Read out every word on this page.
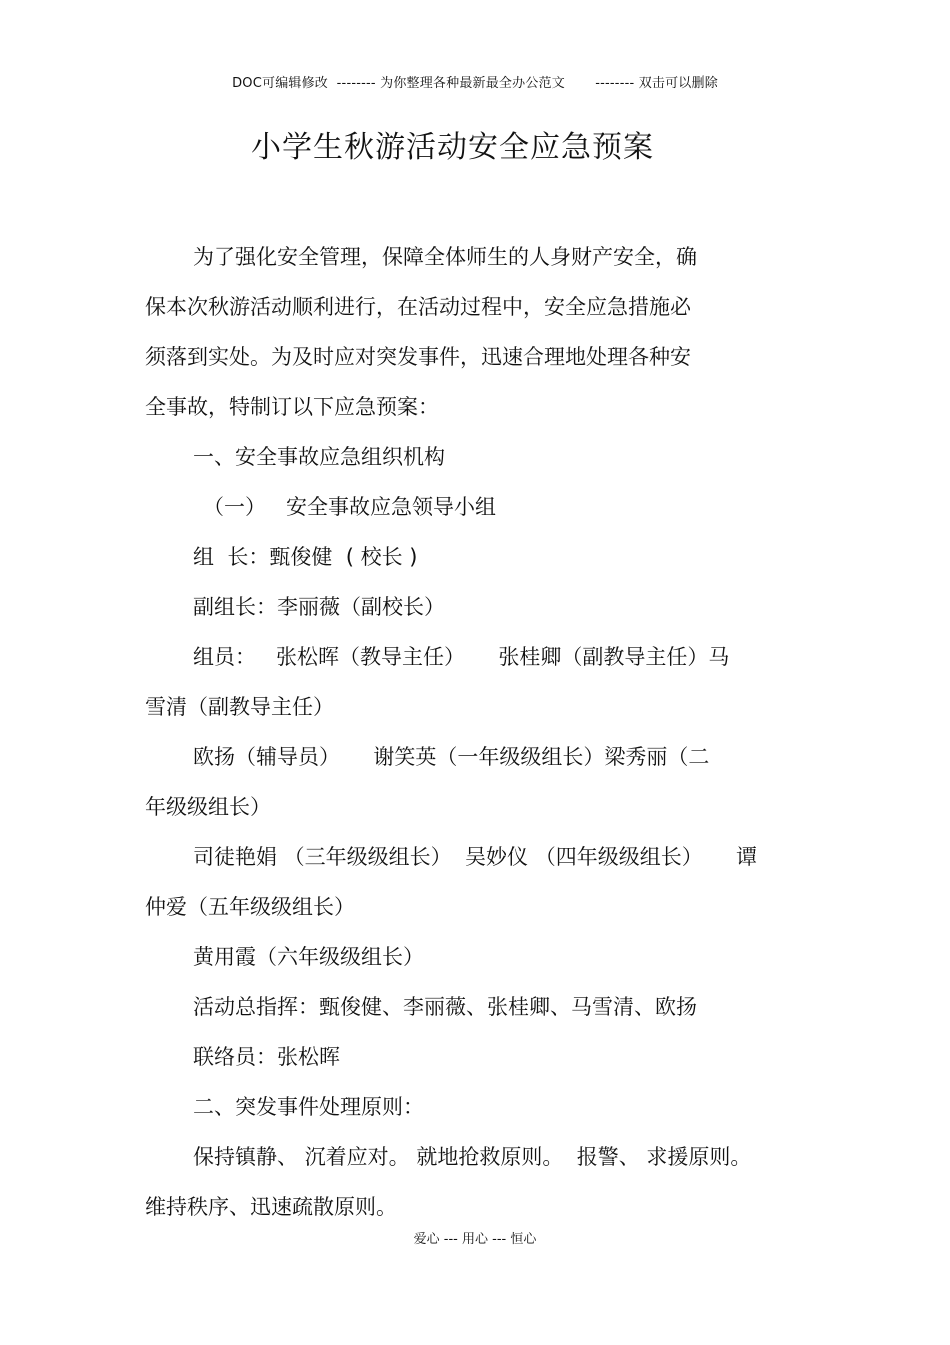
DOC可编辑修改  -------- 为你整理各种最新最全办公范文       -------- 双击可以删除
小学生秋游活动安全应急预案
为了强化安全管理，保障全体师生的人身财产安全，确
保本次秋游活动顺利进行，在活动过程中，安全应急措施必
须落到实处。为及时应对突发事件，迅速合理地处理各种安
全事故，特制订以下应急预案：
一、安全事故应急组织机构
（一）   安全事故应急领导小组
组  长：甄俊健  ( 校长 )
副组长：李丽薇（副校长）
组员：   张松晖（教导主任）     张桂卿（副教导主任）马
雪清（副教导主任）
欧扬（辅导员）     谢笑英（一年级级组长）梁秀丽（二
年级级组长）
司徒艳娟 （三年级级组长）  吴妙仪 （四年级级组长）     谭
仲爱（五年级级组长）
黄用霞（六年级级组长）
活动总指挥：甄俊健、李丽薇、张桂卿、马雪清、欧扬
联络员：张松晖
二、突发事件处理原则：
保持镇静、 沉着应对。 就地抢救原则。  报警、 求援原则。
维持秩序、迅速疏散原则。
爱心 --- 用心 --- 恒心
